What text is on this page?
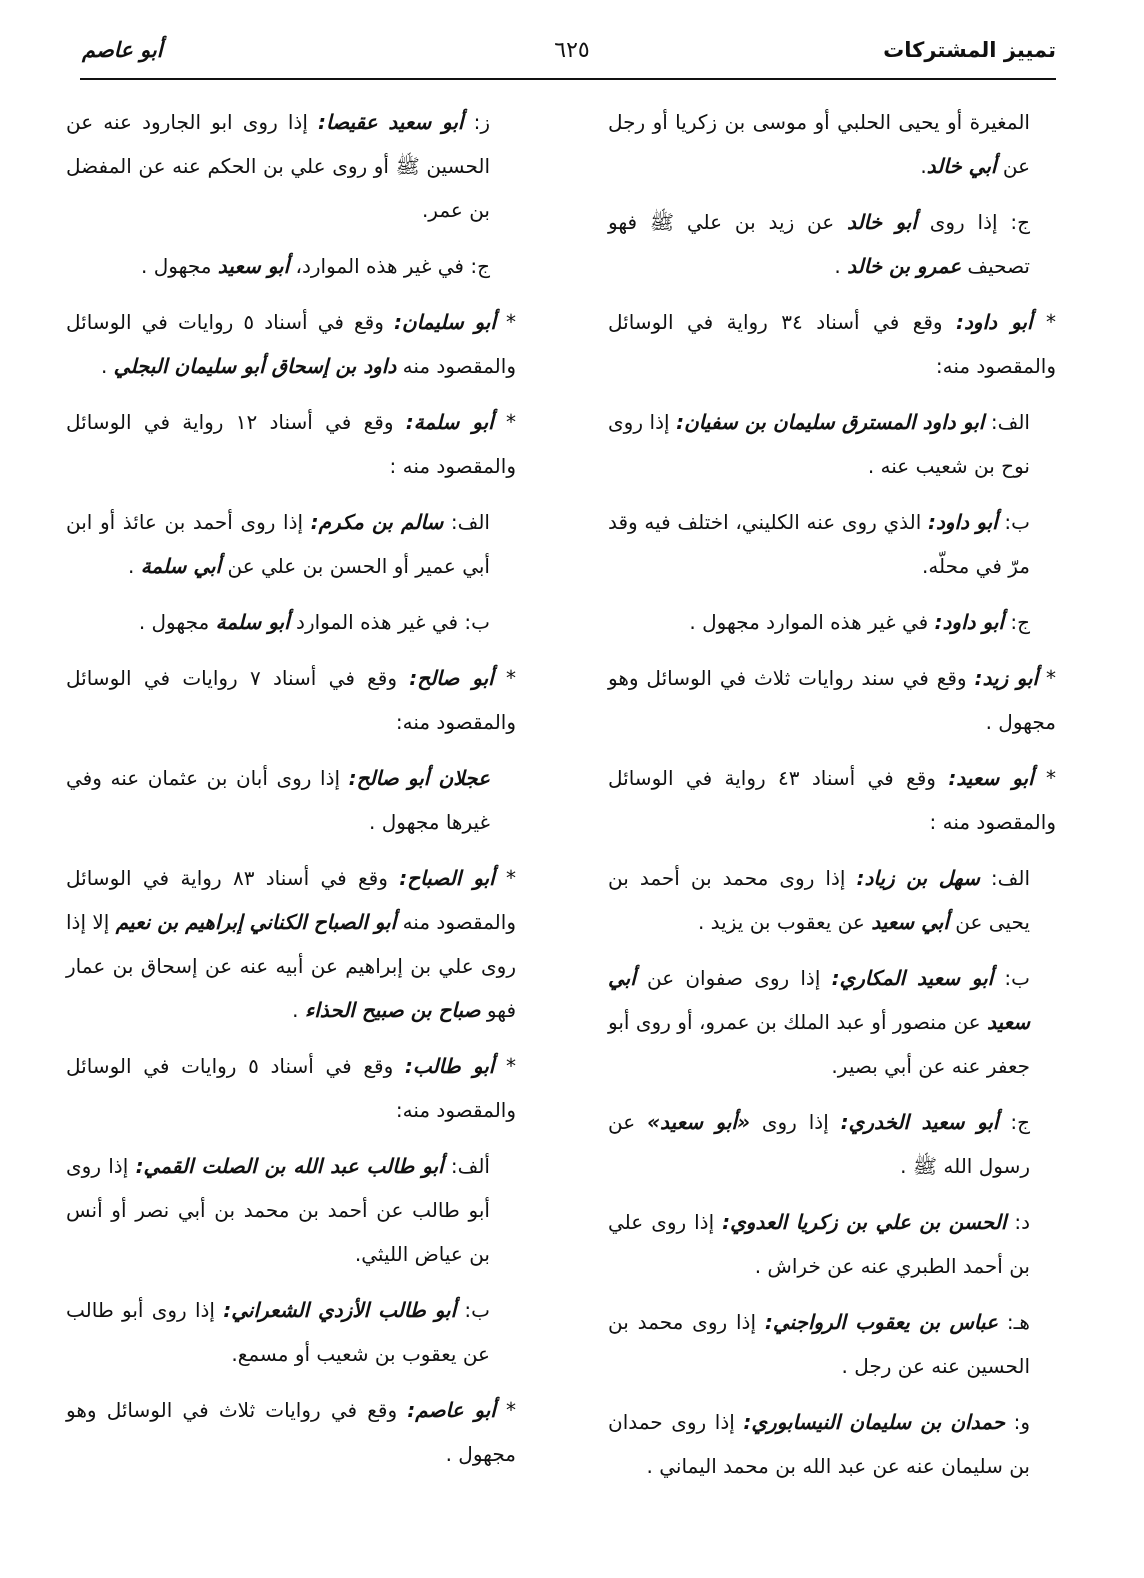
تمييز المشتركات
٦٢٥
أبو عاصم

المغيرة أو يحيى الحلبي أو موسى بن زكريا أو رجل عن أبي خالد.

ج: إذا روى أبو خالد عن زيد بن علي ﷺ فهو تصحيف عمرو بن خالد .

* أبو داود: وقع في أسناد ٣٤ رواية في الوسائل والمقصود منه:

الف: ابو داود المسترق سليمان بن سفيان: إذا روى نوح بن شعيب عنه .

ب: أبو داود: الذي روى عنه الكليني، اختلف فيه وقد مرّ في محلّه.

ج: أبو داود: في غير هذه الموارد مجهول .

* أبو زيد: وقع في سند روايات ثلاث في الوسائل وهو مجهول .

* أبو سعيد: وقع في أسناد ٤٣ رواية في الوسائل والمقصود منه :

الف: سهل بن زياد: إذا روى محمد بن أحمد بن يحيى عن أبي سعيد عن يعقوب بن يزيد .

ب: أبو سعيد المكاري: إذا روى صفوان عن أبي سعيد عن منصور أو عبد الملك بن عمرو، أو روى أبو جعفر عنه عن أبي بصير.

ج: أبو سعيد الخدري: إذا روى «أبو سعيد» عن رسول الله ﷺ .

د: الحسن بن علي بن زكريا العدوي: إذا روى علي بن أحمد الطبري عنه عن خراش .

هـ: عباس بن يعقوب الرواجني: إذا روى محمد بن الحسين عنه عن رجل .

و: حمدان بن سليمان النيسابوري: إذا روى حمدان بن سليمان عنه عن عبد الله بن محمد اليماني .

ز: أبو سعيد عقيصا: إذا روى ابو الجارود عنه عن الحسين ﷺ أو روى علي بن الحكم عنه عن المفضل بن عمر.

ج: في غير هذه الموارد، أبو سعيد مجهول .

* أبو سليمان: وقع في أسناد ٥ روايات في الوسائل والمقصود منه داود بن إسحاق أبو سليمان البجلي .

* أبو سلمة: وقع في أسناد ١٢ رواية في الوسائل والمقصود منه :

الف: سالم بن مكرم: إذا روى أحمد بن عائذ أو ابن أبي عمير أو الحسن بن علي عن أبي سلمة .

ب: في غير هذه الموارد أبو سلمة مجهول .

* أبو صالح: وقع في أسناد ٧ روايات في الوسائل والمقصود منه:

عجلان أبو صالح: إذا روى أبان بن عثمان عنه وفي غيرها مجهول .

* أبو الصباح: وقع في أسناد ٨٣ رواية في الوسائل والمقصود منه أبو الصباح الكناني إبراهيم بن نعيم إلا إذا روى علي بن إبراهيم عن أبيه عنه عن إسحاق بن عمار فهو صباح بن صبيح الحذاء .

* أبو طالب: وقع في أسناد ٥ روايات في الوسائل والمقصود منه:

ألف: أبو طالب عبد الله بن الصلت القمي: إذا روى أبو طالب عن أحمد بن محمد بن أبي نصر أو أنس بن عياض الليثي.

ب: أبو طالب الأزدي الشعراني: إذا روى أبو طالب عن يعقوب بن شعيب أو مسمع.

* أبو عاصم: وقع في روايات ثلاث في الوسائل وهو مجهول .
